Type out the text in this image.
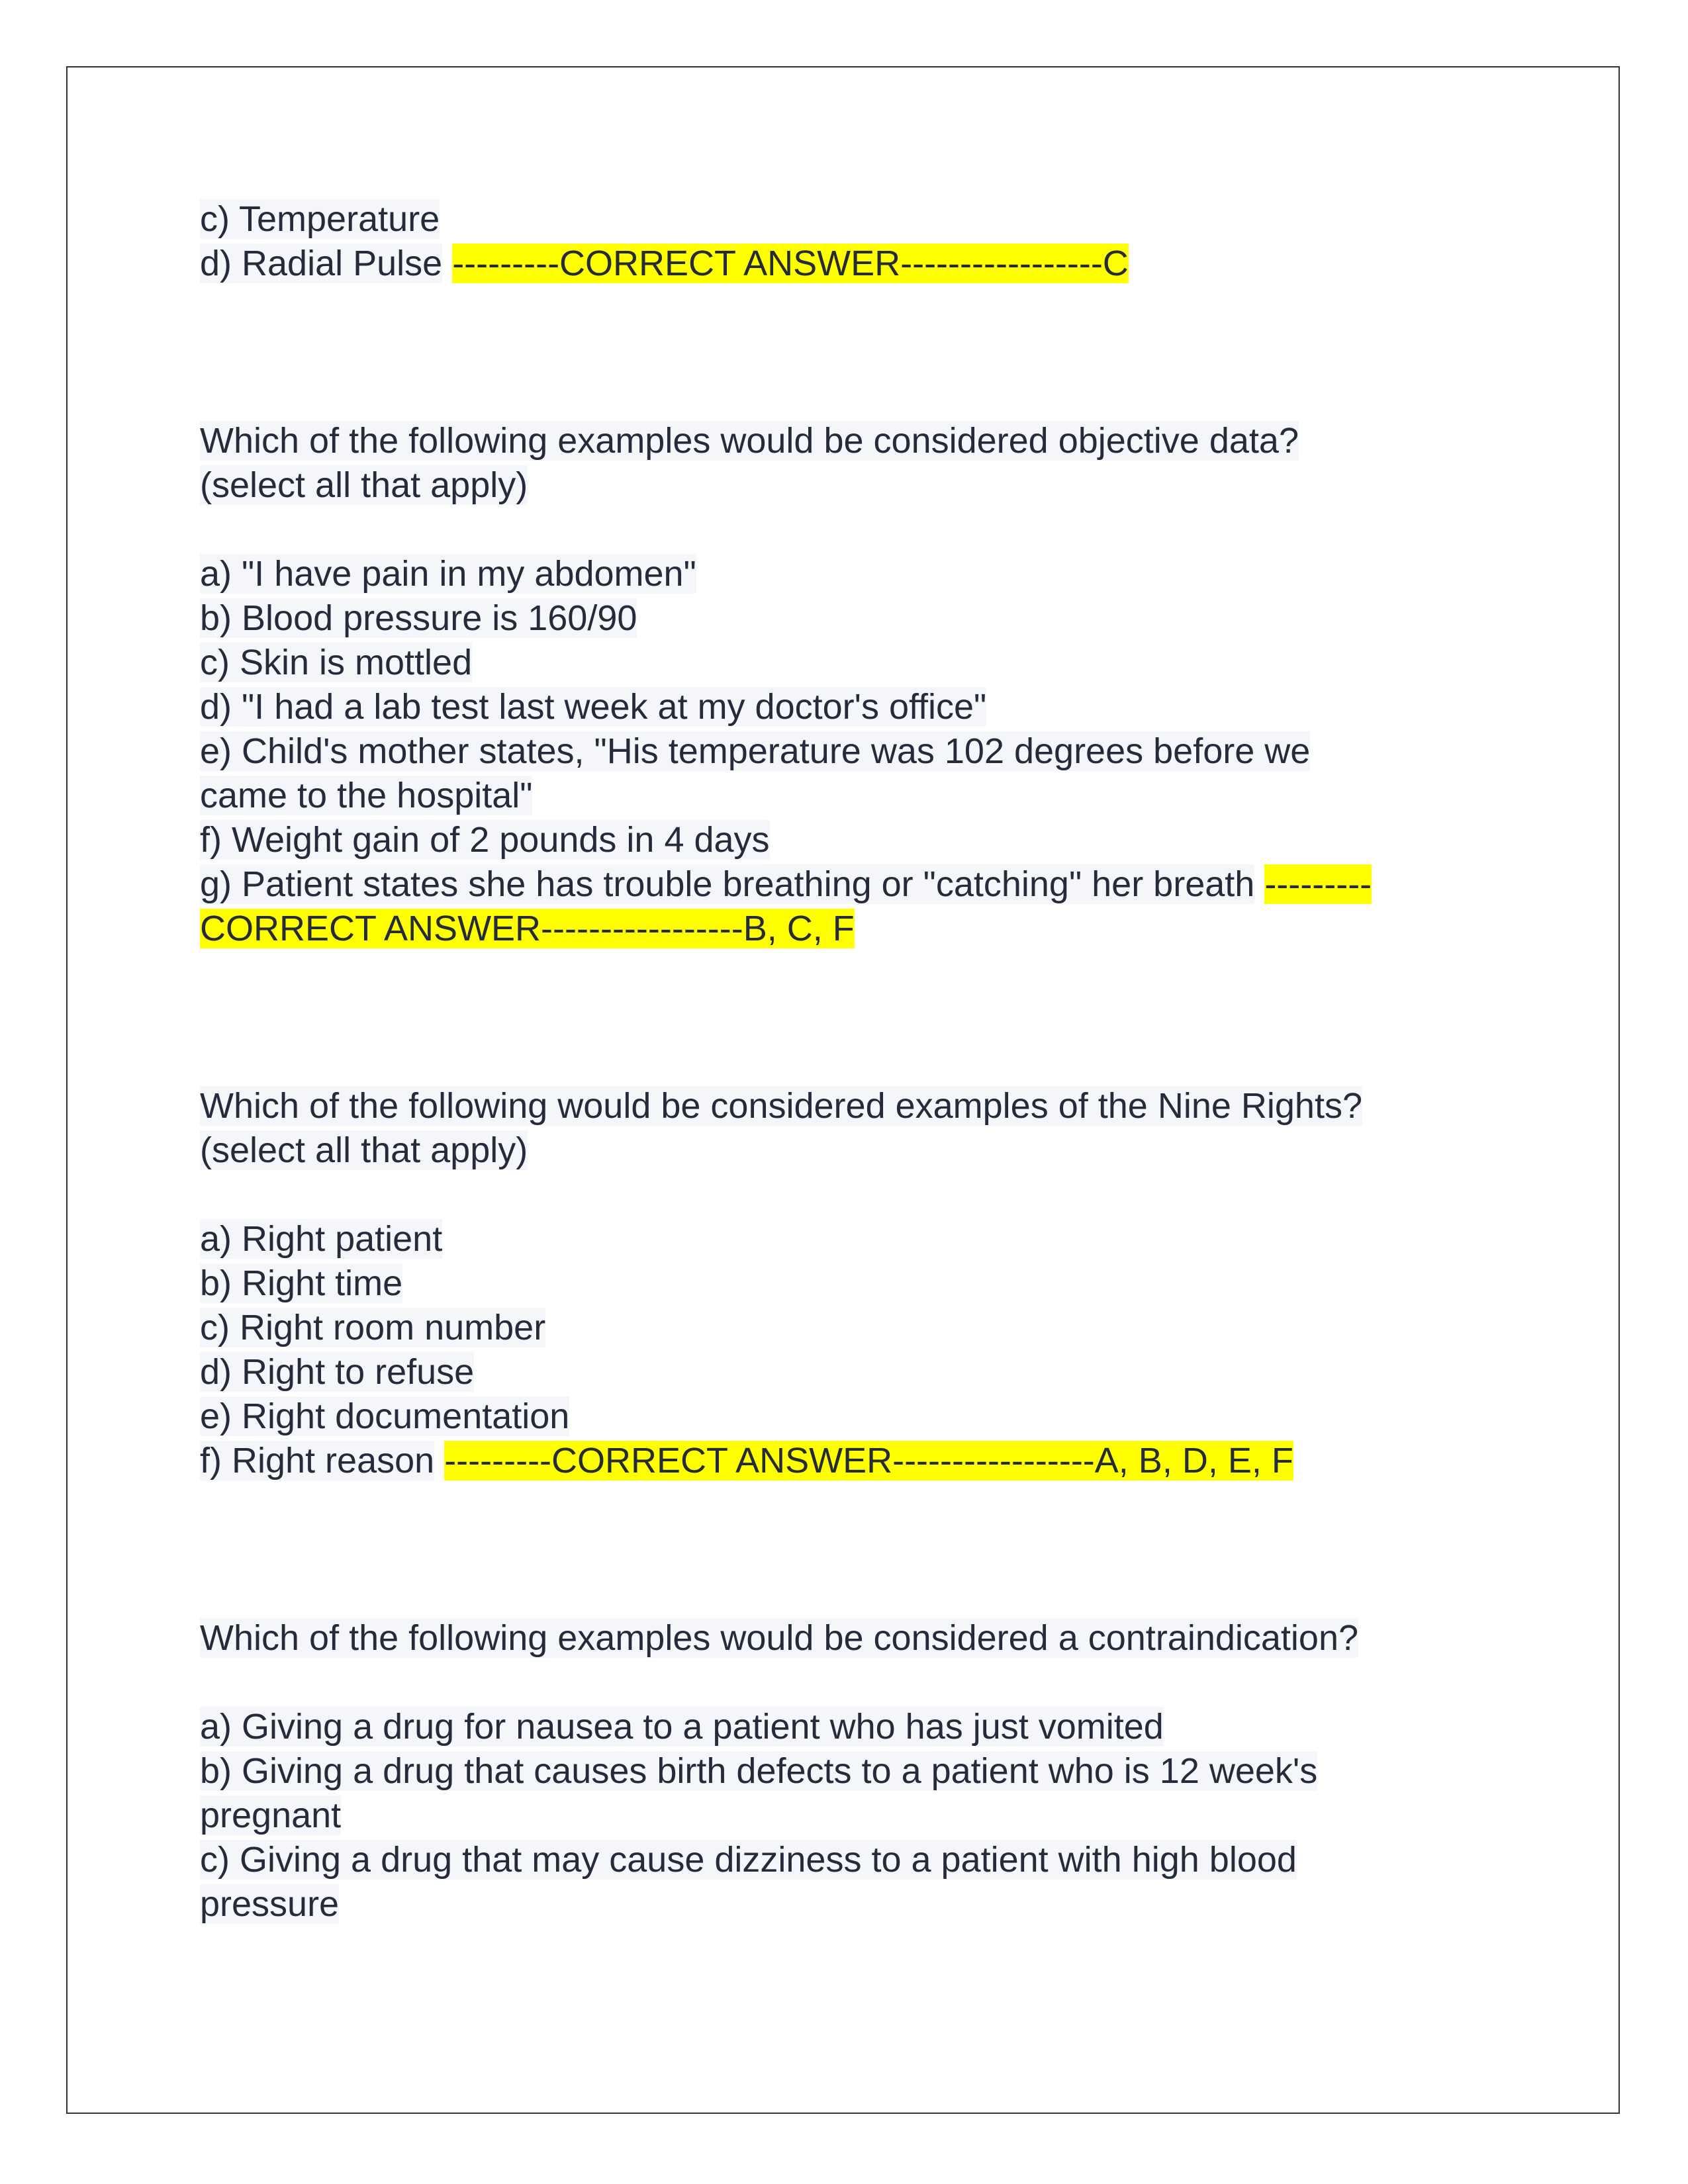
c) Temperature
d) Radial Pulse ---------CORRECT ANSWER-----------------C
Which of the following examples would be considered objective data?
(select all that apply)
a) "I have pain in my abdomen"
b) Blood pressure is 160/90
c) Skin is mottled
d) "I had a lab test last week at my doctor's office"
e) Child's mother states, "His temperature was 102 degrees before we
came to the hospital"
f) Weight gain of 2 pounds in 4 days
g) Patient states she has trouble breathing or "catching" her breath ---------
CORRECT ANSWER-----------------B, C, F
Which of the following would be considered examples of the Nine Rights?
(select all that apply)
a) Right patient
b) Right time
c) Right room number
d) Right to refuse
e) Right documentation
f) Right reason ---------CORRECT ANSWER-----------------A, B, D, E, F
Which of the following examples would be considered a contraindication?
a) Giving a drug for nausea to a patient who has just vomited
b) Giving a drug that causes birth defects to a patient who is 12 week's
pregnant
c) Giving a drug that may cause dizziness to a patient with high blood
pressure
